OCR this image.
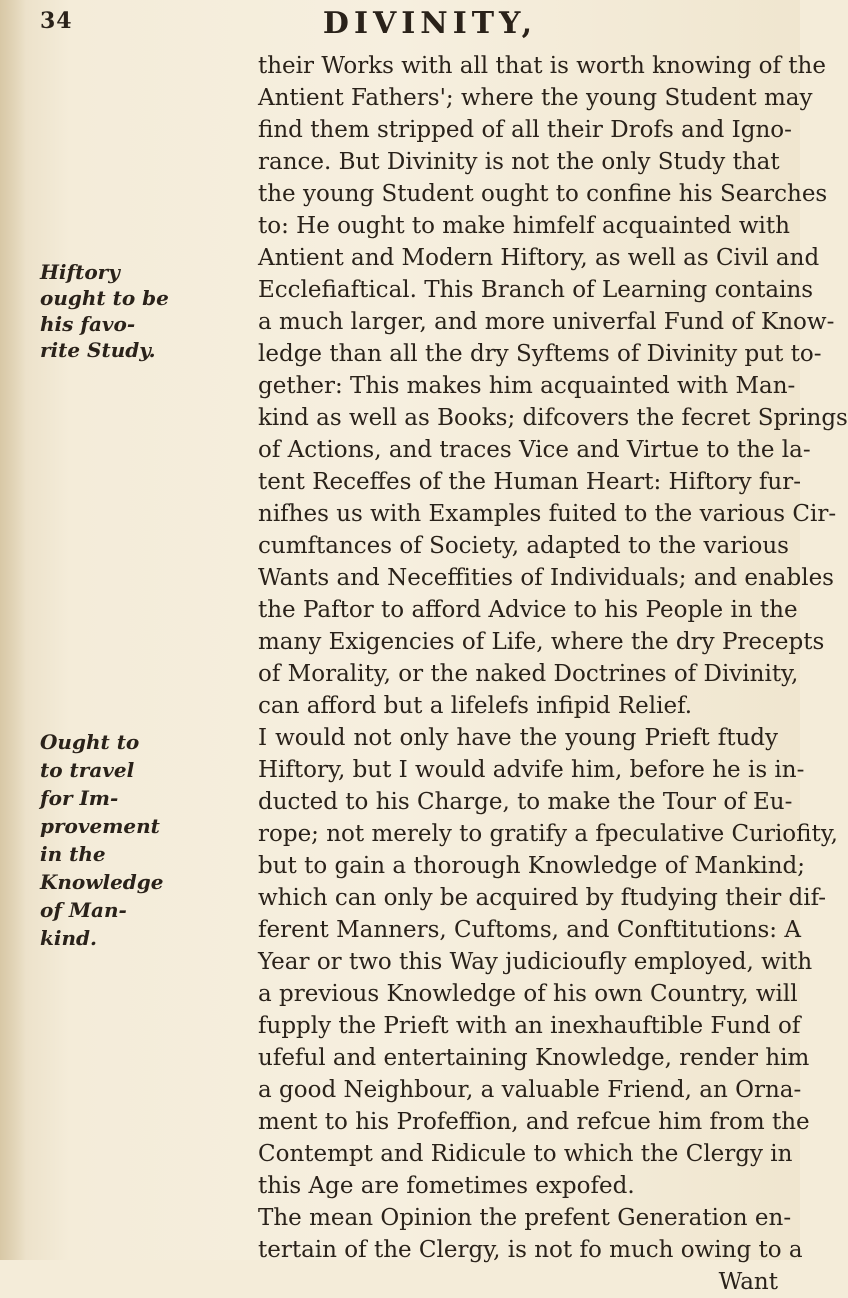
34	DIVINITY,
their Works with all that is worth knowing of the
Antient Fathers'; where the young Student may
find them stripped of all their Drofs and Igno-
rance. But Divinity is not the only Study that
the young Student ought to confine his Searches
to: He ought to make himfelf acquainted with
Antient and Modern Hiftory, as well as Civil and
Ecclefiaftical. This Branch of Learning contains
a much larger, and more univerfal Fund of Know-
ledge than all the dry Syftems of Divinity put to-
gether: This makes him acquainted with Man-
kind as well as Books; difcovers the fecret Springs
of Actions, and traces Vice and Virtue to the la-
tent Receffes of the Human Heart: Hiftory fur-
nifhes us with Examples fuited to the various Cir-
cumftances of Society, adapted to the various
Wants and Neceffities of Individuals; and enables
the Paftor to afford Advice to his People in the
many Exigencies of Life, where the dry Precepts
of Morality, or the naked Doctrines of Divinity,
can afford but a lifelefs infipid Relief.
I would not only have the young Prieft ftudy
Hiftory, but I would advife him, before he is in-
ducted to his Charge, to make the Tour of Eu-
rope; not merely to gratify a fpeculative Curiofity,
but to gain a thorough Knowledge of Mankind;
which can only be acquired by ftudying their dif-
ferent Manners, Cuftoms, and Conftitutions: A
Year or two this Way judicioufly employed, with
a previous Knowledge of his own Country, will
fupply the Prieft with an inexhauftible Fund of
ufeful and entertaining Knowledge, render him
a good Neighbour, a valuable Friend, an Orna-
ment to his Profeffion, and refcue him from the
Contempt and Ridicule to which the Clergy in
this Age are fometimes expofed.
The mean Opinion the prefent Generation en-
tertain of the Clergy, is not fo much owing to a
Want
Hiftory
ought to be
his favo-
rite Study.
Ought to
to travel
for Im-
provement
in the
Knowledge
of Man-
kind.
